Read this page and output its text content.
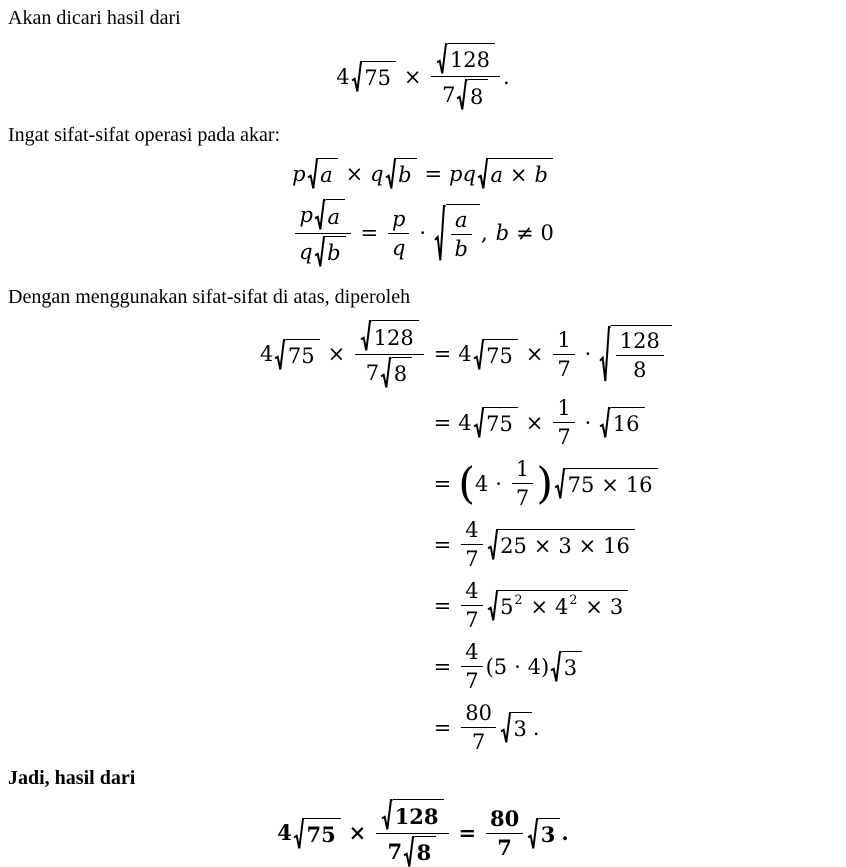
Akan dicari hasil dari

4 $75 \times \frac{128}{7 8}$ .

Ingat sifat-sifat operasi pada akar:

p a × q b = p q a × b
$\frac{\text{p a}}{\text{q b}} = \frac{p}{q} \cdot \frac{a}{b}$ , b ≠ 0

Dengan menggunakan sifat-sifat di atas, diperoleh

4 $75 \times \frac{128}{7 8} = 4$ $75 \times \frac{1}{7} \cdot \frac{128}{8}$
= 4 $75 \times \frac{1}{7} \cdot 16$
= ( $4 \cdot \frac{1}{7}$ ) 75 × 16
= $\frac{4}{7} 25 \times 3 \times 16$
= $\frac{4}{7} 5$ 2 × 4 2 × 3
= $\frac{4}{7} (5 \cdot 4)$ 3
= $\frac{80}{7} 3$ .

Jadi, hasil dari

4 $75 \times \frac{128}{7 8} = \frac{80}{7} 3$ .
